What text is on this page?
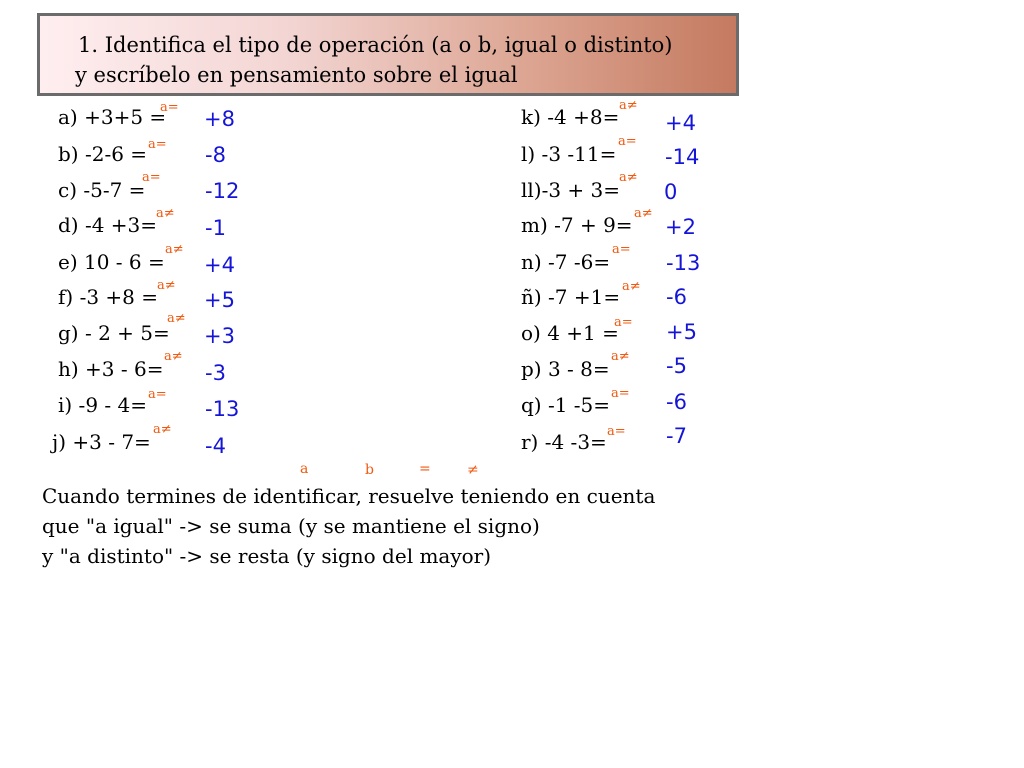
1. Identifica el tipo de operación (a o b, igual o distinto)
y escríbelo en pensamiento sobre el igual
a) +3+5 =
a= +8
b) -2-6 = a= -8
c) -5-7 =
a=
-12
d) -4 +3=
a≠
-1
e) 10 - 6 =
a≠
+4
f) -3 +8 = a≠
+5
g) - 2 + 5=
a≠
+3
h) +3 - 6=
a≠
-3
i) -9 - 4= a=
-13
j) +3 - 7=
a≠
-4
k) -4 +8= a≠
+4
l) -3 -11=
a=
-14
ll)-3 + 3=
a≠
0
m) -7 + 9= a≠
+2
n) -7 -6=
a=
-13
ñ) -7 +1= a≠ -6
o) 4 +1 =
a= +5
p) 3 - 8=
a≠ -5
q) -1 -5= a= -6
r) -4 -3= a= -7
a	b	=	≠
Cuando termines de identificar, resuelve teniendo en cuenta
que "a igual" -> se suma (y se mantiene el signo)
y "a distinto" -> se resta (y signo del mayor)
